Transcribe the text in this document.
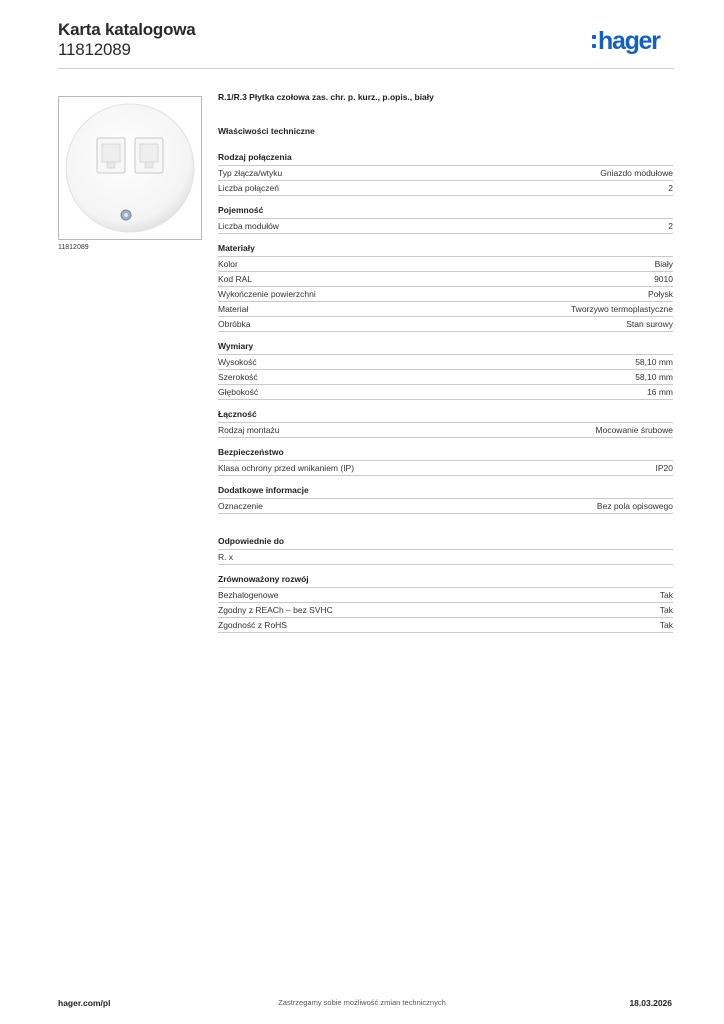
Karta katalogowa
11812089	hager
11812089
R.1/R.3 Płytka czołowa zas. chr. p. kurz., p.opis., biały
Właściwości techniczne
Rodzaj połączenia
Typ złącza/wtyku	Gniazdo modułowe
Liczba połączeń	2
Pojemność
Liczba modułów	2
Materiały
Kolor	Biały
Kod RAL	9010
Wykończenie powierzchni	Połysk
Materiał	Tworzywo termoplastyczne
Obróbka	Stan surowy
Wymiary
Wysokość	58,10 mm
Szerokość	58,10 mm
Głębokość	16 mm
Łączność
Rodzaj montażu	Mocowanie śrubowe
Bezpieczeństwo
Klasa ochrony przed wnikaniem (IP)	IP20
Dodatkowe informacje
Oznaczenie	Bez pola opisowego
Odpowiednie do
R. x
Zrównoważony rozwój
Bezhalogenowe	Tak
Zgodny z REACh – bez SVHC	Tak
Zgodność z RoHS	Tak
hager.com/pl	Zastrzegamy sobie możliwość zmian technicznych	18.03.2026
